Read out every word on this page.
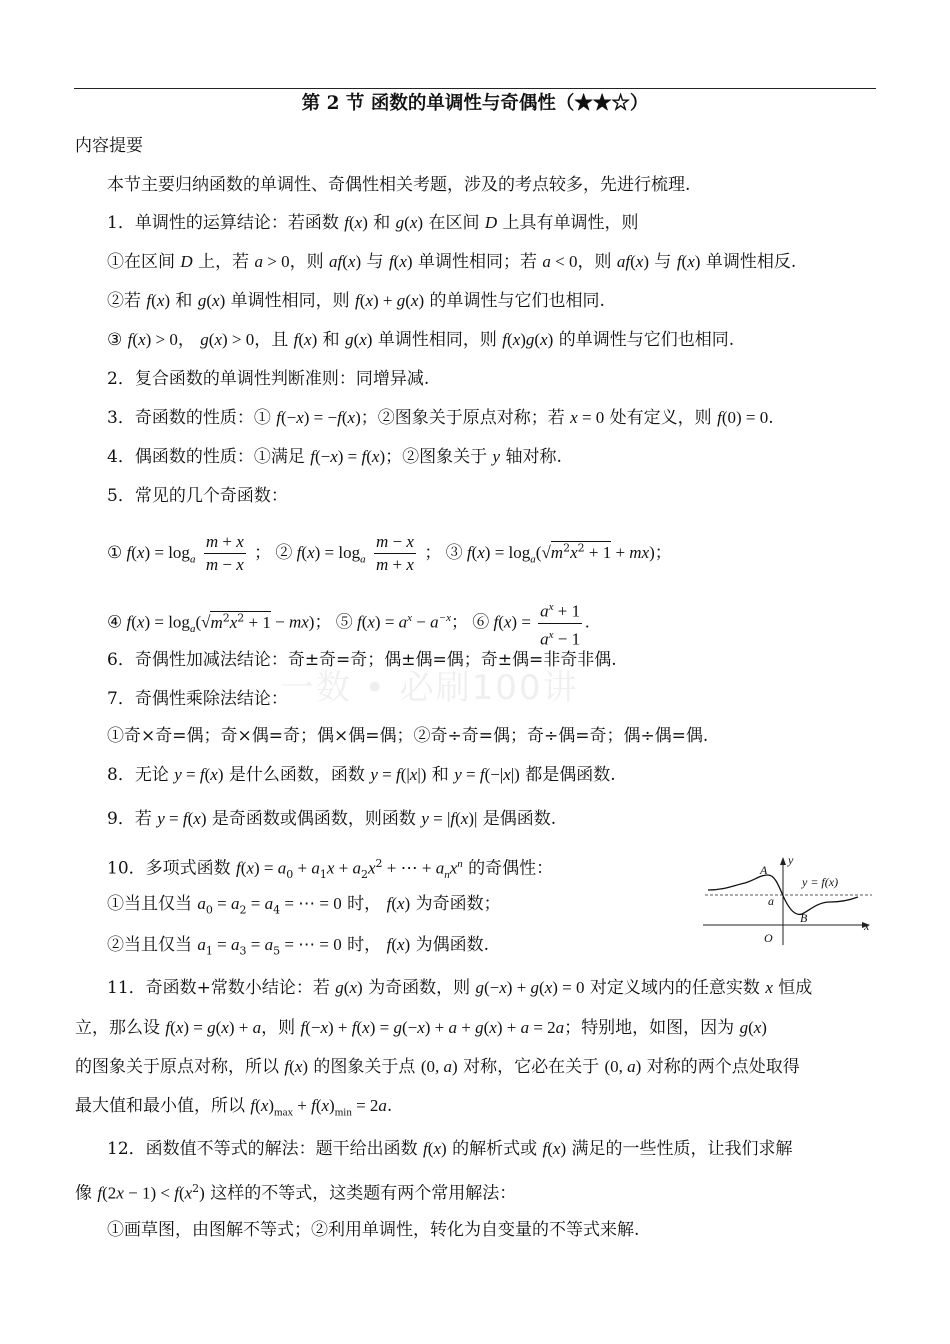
第 2 节 函数的单调性与奇偶性（★★☆）
内容提要
一数 • 必刷100讲
本节主要归纳函数的单调性、奇偶性相关考题，涉及的考点较多，先进行梳理.
1．单调性的运算结论：若函数 f(x) 和 g(x) 在区间 D 上具有单调性，则
①在区间 D 上，若 a > 0，则 af(x) 与 f(x) 单调性相同；若 a < 0，则 af(x) 与 f(x) 单调性相反.
②若 f(x) 和 g(x) 单调性相同，则 f(x) + g(x) 的单调性与它们也相同.
③ f(x) > 0， g(x) > 0，且 f(x) 和 g(x) 单调性相同，则 f(x)g(x) 的单调性与它们也相同.
2．复合函数的单调性判断准则：同增异减.
3．奇函数的性质：① f(−x) = −f(x)；②图象关于原点对称；若 x = 0 处有定义，则 f(0) = 0.
4．偶函数的性质：①满足 f(−x) = f(x)；②图象关于 y 轴对称.
5．常见的几个奇函数：
① $f(x) = \log_a \frac{m + x}{m - x}$ ； ② $f(x) = \log_a \frac{m - x}{m + x}$ ； ③ $f(x) = \log_a(√m^2x^2 + 1 + mx)$；
④ $f(x) = \log_a(√m^2x^2 + 1 - mx)$； ⑤ $f(x) = a^x - a^{-x}$； ⑥ $f(x) = \frac{a^x + 1}{a^x - 1}$ .
6．奇偶性加减法结论：奇±奇=奇；偶±偶=偶；奇±偶=非奇非偶.
7．奇偶性乘除法结论：
①奇×奇=偶；奇×偶=奇；偶×偶=偶；②奇÷奇=偶；奇÷偶=奇；偶÷偶=偶.
8．无论 y = f(x) 是什么函数，函数 y = f(|x|) 和 y = f(−|x|) 都是偶函数.
9．若 y = f(x) 是奇函数或偶函数，则函数 y = |f(x)| 是偶函数.
10．多项式函数 $f(x) = a_0 + a_1x + a_2x^2$ + ⋯ + $a_nx^n$ 的奇偶性：
①当且仅当 $a_0 = a_2 = a_4$ = ⋯ = 0 时， f(x) 为奇函数；
②当且仅当 $a_1 = a_3 = a_5$ = ⋯ = 0 时， f(x) 为偶函数.
A
B
a
O
x
y
y = f(x)
11．奇函数+常数小结论：若 g(x) 为奇函数，则 g(−x) + g(x) = 0 对定义域内的任意实数 x 恒成
立，那么设 f(x) = g(x) + a，则 f(−x) + f(x) = g(−x) + a + g(x) + a = 2a；特别地，如图，因为 g(x)
的图象关于原点对称，所以 f(x) 的图象关于点 (0, a) 对称，它必在关于 (0, a) 对称的两个点处取得
最大值和最小值，所以 $f(x)_{max} + f(x)_{min} = 2a$.
12．函数值不等式的解法：题干给出函数 f(x) 的解析式或 f(x) 满足的一些性质，让我们求解
像 $f(2x - 1) < f(x^2)$ 这样的不等式，这类题有两个常用解法：
①画草图，由图解不等式；②利用单调性，转化为自变量的不等式来解.
